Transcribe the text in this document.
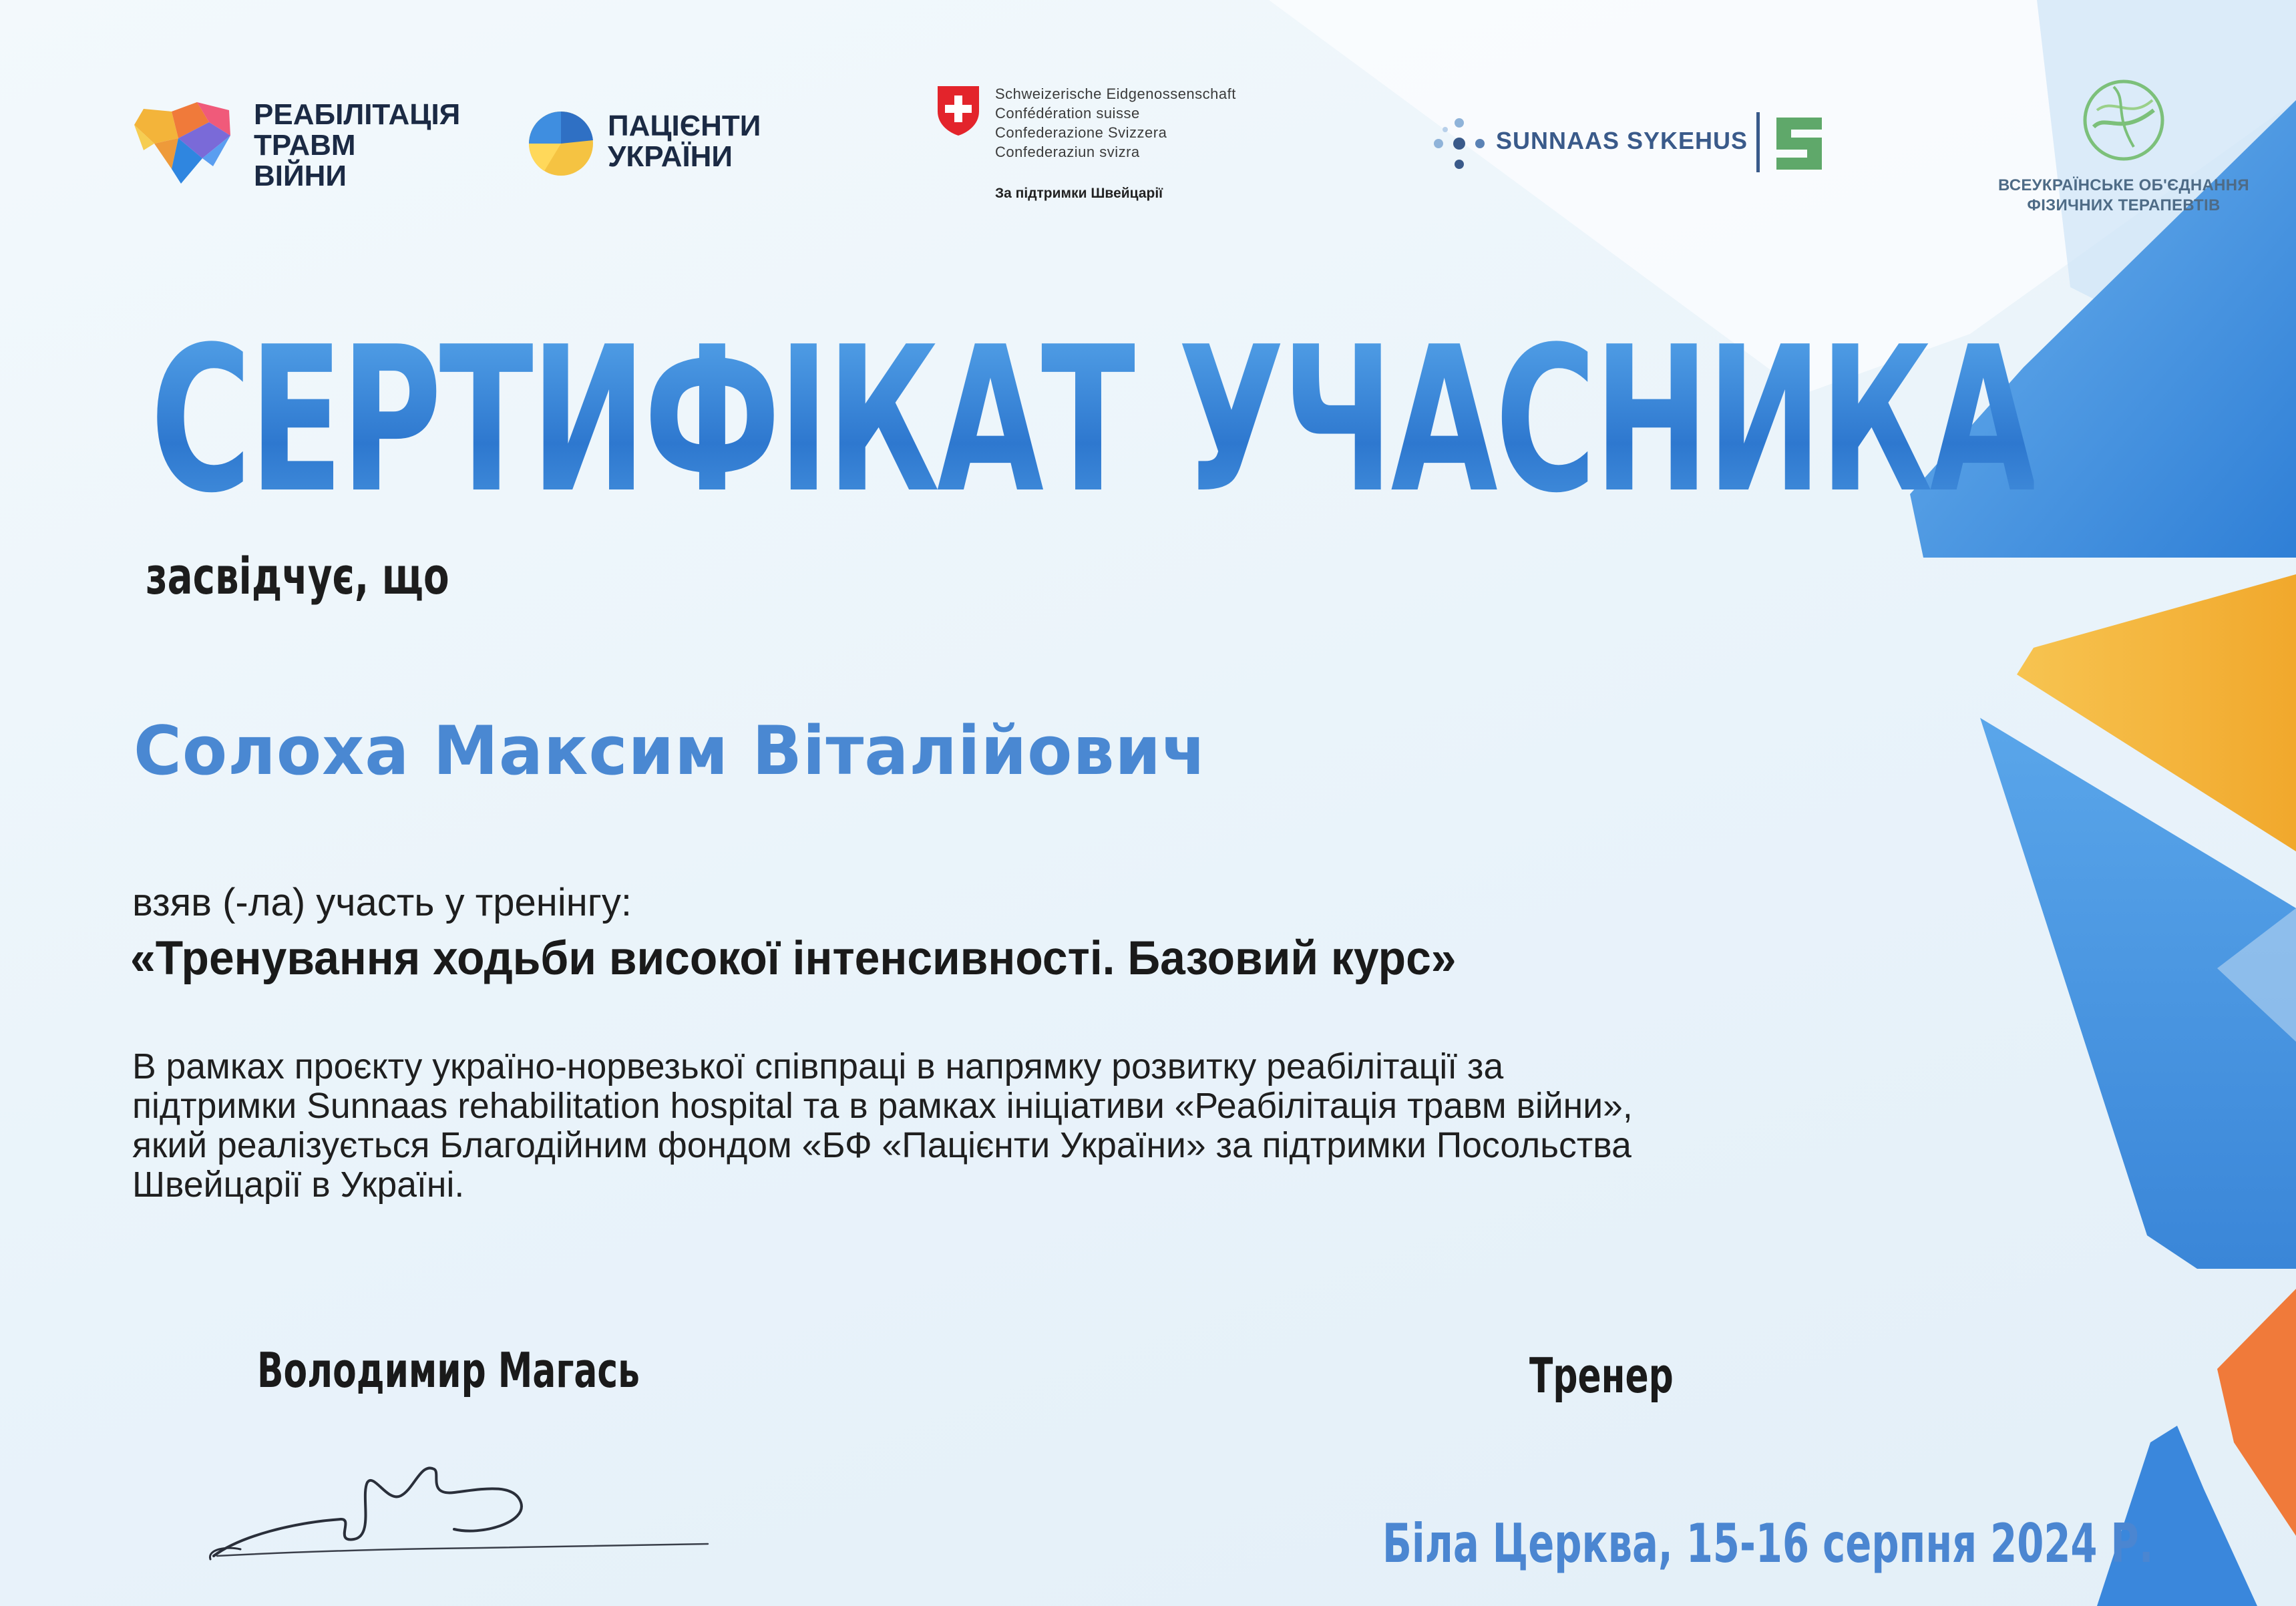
РЕАБІЛІТАЦІЯ
ТРАВМ
ВІЙНИ
ПАЦІЄНТИ
УКРАЇНИ
Schweizerische Eidgenossenschaft
Confédération suisse
Confederazione Svizzera
Confederaziun svizra
За підтримки Швейцарії
SUNNAAS SYKEHUS
ВСЕУКРАЇНСЬКЕ ОБ'ЄДНАННЯ
ФІЗИЧНИХ ТЕРАПЕВТІВ
СЕРТИФІКАТ УЧАСНИКА
засвідчує, що
Солоха Максим Віталійович
взяв (-ла) участь у тренінгу:
«Тренування ходьби високої інтенсивності. Базовий курс»
В рамках проєкту україно-норвезької співпраці в напрямку розвитку реабілітації за
підтримки Sunnaas rehabilitation hospital та в рамках ініціативи «Реабілітація травм війни»,
який реалізується Благодійним фондом «БФ «Пацієнти України» за підтримки Посольства
Швейцарії в Україні.
Володимир Магась	Тренер
Біла Церква, 15-16 серпня 2024 Р.
